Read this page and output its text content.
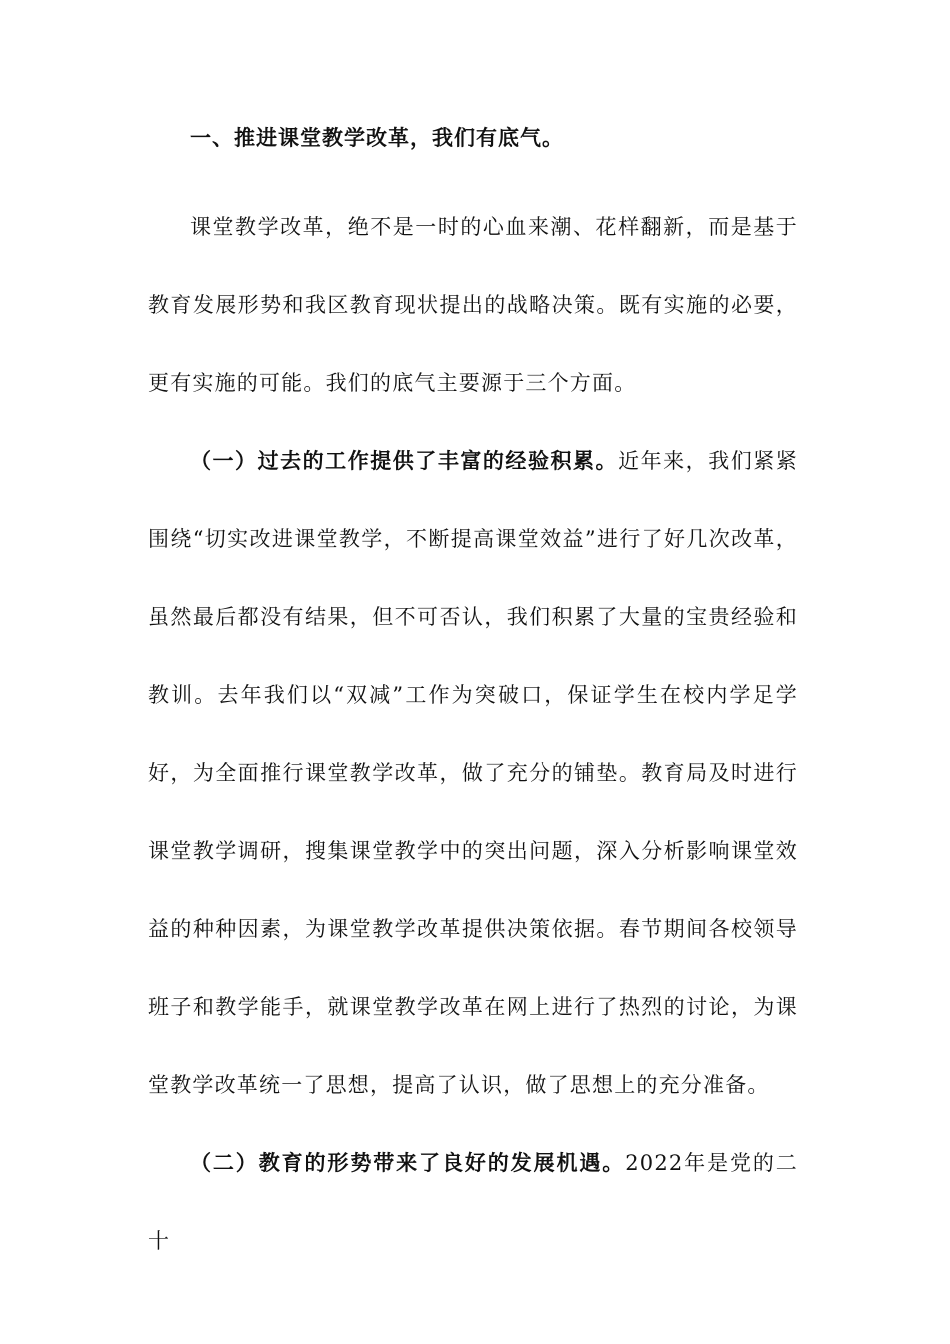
一、推进课堂教学改革，我们有底气。

课堂教学改革，绝不是一时的心血来潮、花样翻新，而是基于教育发展形势和我区教育现状提出的战略决策。既有实施的必要，更有实施的可能。我们的底气主要源于三个方面。

（一）过去的工作提供了丰富的经验积累。近年来，我们紧紧围绕“切实改进课堂教学，不断提高课堂效益”进行了好几次改革，虽然最后都没有结果，但不可否认，我们积累了大量的宝贵经验和教训。去年我们以“双减”工作为突破口，保证学生在校内学足学好，为全面推行课堂教学改革，做了充分的铺垫。教育局及时进行课堂教学调研，搜集课堂教学中的突出问题，深入分析影响课堂效益的种种因素，为课堂教学改革提供决策依据。春节期间各校领导班子和教学能手，就课堂教学改革在网上进行了热烈的讨论，为课堂教学改革统一了思想，提高了认识，做了思想上的充分准备。

（二）教育的形势带来了良好的发展机遇。2022年是党的二十
